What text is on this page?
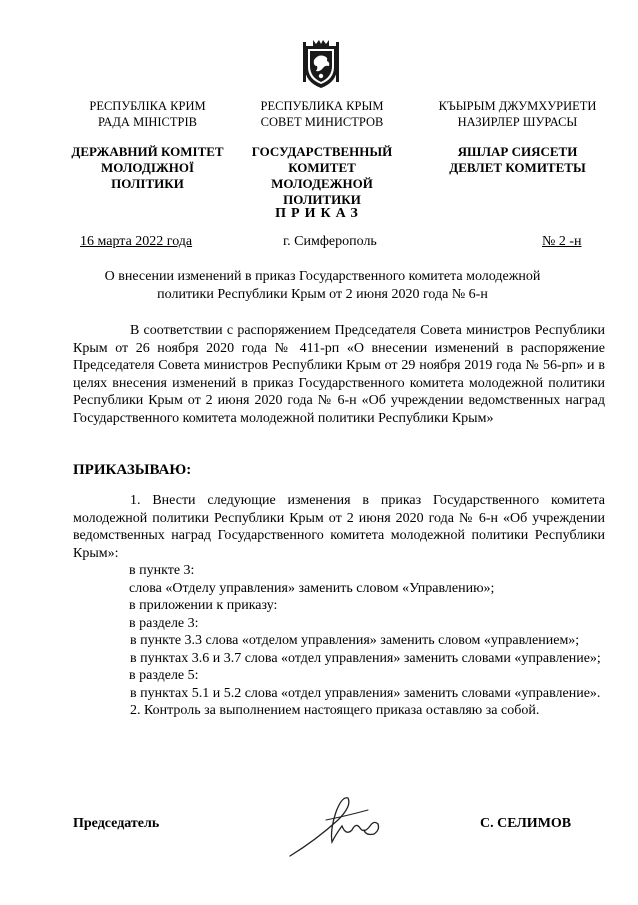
РЕСПУБЛІКА КРИМ
РАДА МІНІСТРІВ
ДЕРЖАВНИЙ КОМІТЕТ
МОЛОДІЖНОЇ
ПОЛІТИКИ
РЕСПУБЛИКА КРЫМ
СОВЕТ МИНИСТРОВ
ГОСУДАРСТВЕННЫЙ
КОМИТЕТ МОЛОДЕЖНОЙ
ПОЛИТИКИ
КЪЫРЫМ ДЖУМХУРИЕТИ
НАЗИРЛЕР ШУРАСЫ
ЯШЛАР СИЯСЕТИ
ДЕВЛЕТ КОМИТЕТЫ
ПРИКАЗ
16 марта 2022 года	г. Симферополь	№ 2 -н
О внесении изменений в приказ Государственного комитета молодежной политики Республики Крым от 2 июня 2020 года № 6-н
В соответствии с распоряжением Председателя Совета министров Республики Крым от 26 ноября 2020 года № 411-рп «О внесении изменений в распоряжение Председателя Совета министров Республики Крым от 29 ноября 2019 года № 56-рп» и в целях внесения изменений в приказ Государственного комитета молодежной политики Республики Крым от 2 июня 2020 года № 6-н «Об учреждении ведомственных наград Государственного комитета молодежной политики Республики Крым»
ПРИКАЗЫВАЮ:

1. Внести следующие изменения в приказ Государственного комитета молодежной политики Республики Крым от 2 июня 2020 года № 6-н «Об учреждении ведомственных наград Государственного комитета молодежной политики Республики Крым»:

в пункте 3:

слова «Отделу управления» заменить словом «Управлению»;

в приложении к приказу:

в разделе 3:

в пункте 3.3 слова «отделом управления» заменить словом «управлением»;

в пунктах 3.6 и 3.7 слова «отдел управления» заменить словами «управление»;

в разделе 5:

в пунктах 5.1 и 5.2 слова «отдел управления» заменить словами «управление».

2. Контроль за выполнением настоящего приказа оставляю за собой.

Председатель	С. СЕЛИМОВ
